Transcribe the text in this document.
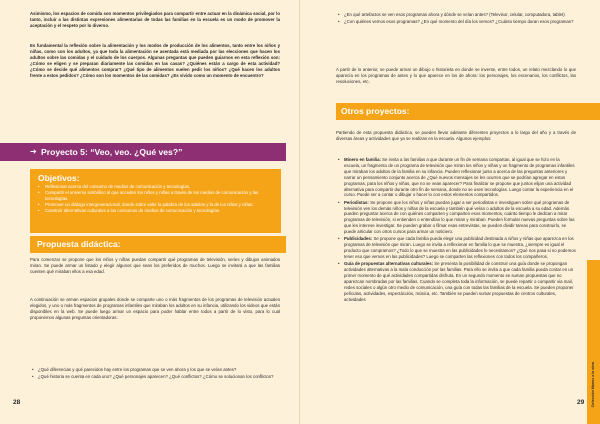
Asimismo, los espacios de comida son momentos privilegiados para compartir entre actuar en la dinámica social, por lo tanto, incluir a las distintas expresiones alimentarias de todas las familias en la escuela es un modo de promover la aceptación y el respeto por lo diverso.

Es fundamental la reflexión sobre la alimentación y los modos de producción de los alimentos, tanto entre los niños y niñas, como con los adultos, ya que toda la alimentación se asentada está mediada por las elecciones que hacen los adultos sobre las comidas y el cuidado de los cuerpos. Algunas preguntas que pueden guiarnos en esta reflexión son: ¿Cómo se eligen y se preparan diariamente las comidas en las casas? ¿Quiénes están a cargo de esta actividad? ¿Cómo se decide qué alimentos comprar? ¿Qué tipo de alimentos suelen pedir los niños? ¿Qué hacen los adultos frente a estos pedidos? ¿Cómo son los momentos de las comidas? ¿Es vivido como un momento de encuentro?

➔ Proyecto 5: “Veo, veo. ¿Qué ves?”
Objetivos:
• Reflexionar acerca del consumo de medios de comunicación y tecnologías.
• Compartir el universo simbólico al que acceden los niños y niñas a través de los medios de comunicación y las tecnologías.
• Promover un diálogo intergeneracional, donde sobre valer la palabra de los adultos y la de los niños y niñas.
• Construir alternativas culturales a los consumos de medios de comunicación y tecnologías.
Propuesta didáctica:

Para comenzar se propone que los niños y niñas puedan compartir qué programas de televisión, series y dibujos animados miran. Se puede armar un listado y elegir algunos que sean los preferidos de muchos. Luego se invitará a que las familias cuenten qué miraban ellos a esa edad.

A continuación se arman espacios grupales donde se comparte uno o más fragmentos de los programas de televisión actuales elegidos, y uno o más fragmentos de programas infantiles que miraban los adultos en su infancia, utilizando los videos que están disponibles en la web. Se puede luego armar un espacio para poder hablar entre todos a partir de lo visto, para lo cual proponemos algunas preguntas orientadoras:

• ¿Qué diferencias y qué parecidos hay entre los programas que se ven ahora y los que se veían antes?
• ¿Qué historia se cuenta en cada uno? ¿Qué personajes aparecen? ¿Qué conflictos? ¿Cómo se solucionan los conflictos?
28
• ¿En qué artefactos se ven esos programas ahora y dónde se veían antes? (Televisor, celular, computadora, tablet)
• ¿Con quiénes vemos esos programas? ¿En qué momento del día los vemos? ¿Cuánto tiempo duran esos programas?

A partir de lo anterior, se puede armar un dibujo o historieta en donde se invente, entre todos, un relato mezclando lo que aparecía en los programas de antes y lo que aparece en los de ahora: los personajes, los escenarios, los conflictos, las resoluciones, etc.

Otros proyectos:

Partiendo de esta propuesta didáctica, se pueden llevar adelante diferentes proyectos a lo largo del año y a través de diversas áreas y actividades que ya se realizan en la escuela. Algunos ejemplos:

• Minero en familia: Se invita a las familias a que durante un fin de semana compartan, al igual que se hizo en la escuela, un fragmento de un programa de televisión que miran los niños y niñas y un fragmento de programas infantiles que miraban los adultos de la familia en su infancia. Pueden reflexionar junto a acerca de las preguntas anteriores y narrar un pensamiento conjunto acerca de ¿Qué nuevos mensajes se les ocurren que se podrían agregar en estos programas, para los niños y niñas, que no se vean aparecer? Para finalizar se propone que juntos elijan una actividad alternativa para compartir durante otro fin de semana, donde no se usen tecnologías. Luego contar la experiencia en el curso. Puede ser a contar o dibujar o hacer lo con estos elementos compartidos.
• Periodistas: Se propone que los niños y niñas puedan jugar a ser periodistas e investiguen sobre qué programas de televisión ven los demás niños y niñas de la escuela y también qué veían o adultos de la escuela a su edad. Además pueden preguntar acerca de con quiénes comparten y comparten esos momentos, cuánto tiempo le dedican a mirar programas de televisión, si entienden o entendían lo que miran y miraban. Pueden formular nuevas preguntas sobre las que les interese investigar. Se pueden grabar o filmar esas entrevistas, se pueden dividir tareas para construirlo, se puede articular con otros cursos para armar un noticiero.
• Publicidades: Se propone que cada familia pueda elegir una publicidad destinada a niños y niñas que aparezca en los programas de televisión que miran. Luego se invita a reflexionar en familia lo que se muestra, ¿siempre es igual el producto que compramos? ¿Todo lo que se muestra en las publicidades lo necesitamos? ¿Qué nos pasa si no podemos tener eso que vemos en las publicidades? Luego se comparten las reflexiones con todos los compañeros.
• Guía de propuestas alternativas culturales: Se presenta la posibilidad de construir una guía donde se propongan actividades alternativas a la mala conducción por las familias. Para ello se invita a que cada familia pueda contar en un primer momento de qué actividades compartidas disfruta. En un segundo momento se suman propuestas que no aparezcan nombradas por las familias. Cuando se completa toda la información, se puede repartir o compartir via mail, redes sociales o algún otro medio de comunicación, una guía con todas las familias de la escuela. Se pueden proponer películas, actividades, espectáculos, música, etc. También se pueden sumar propuestas de centros culturales, actividades
Colección Manos a la obra
29
